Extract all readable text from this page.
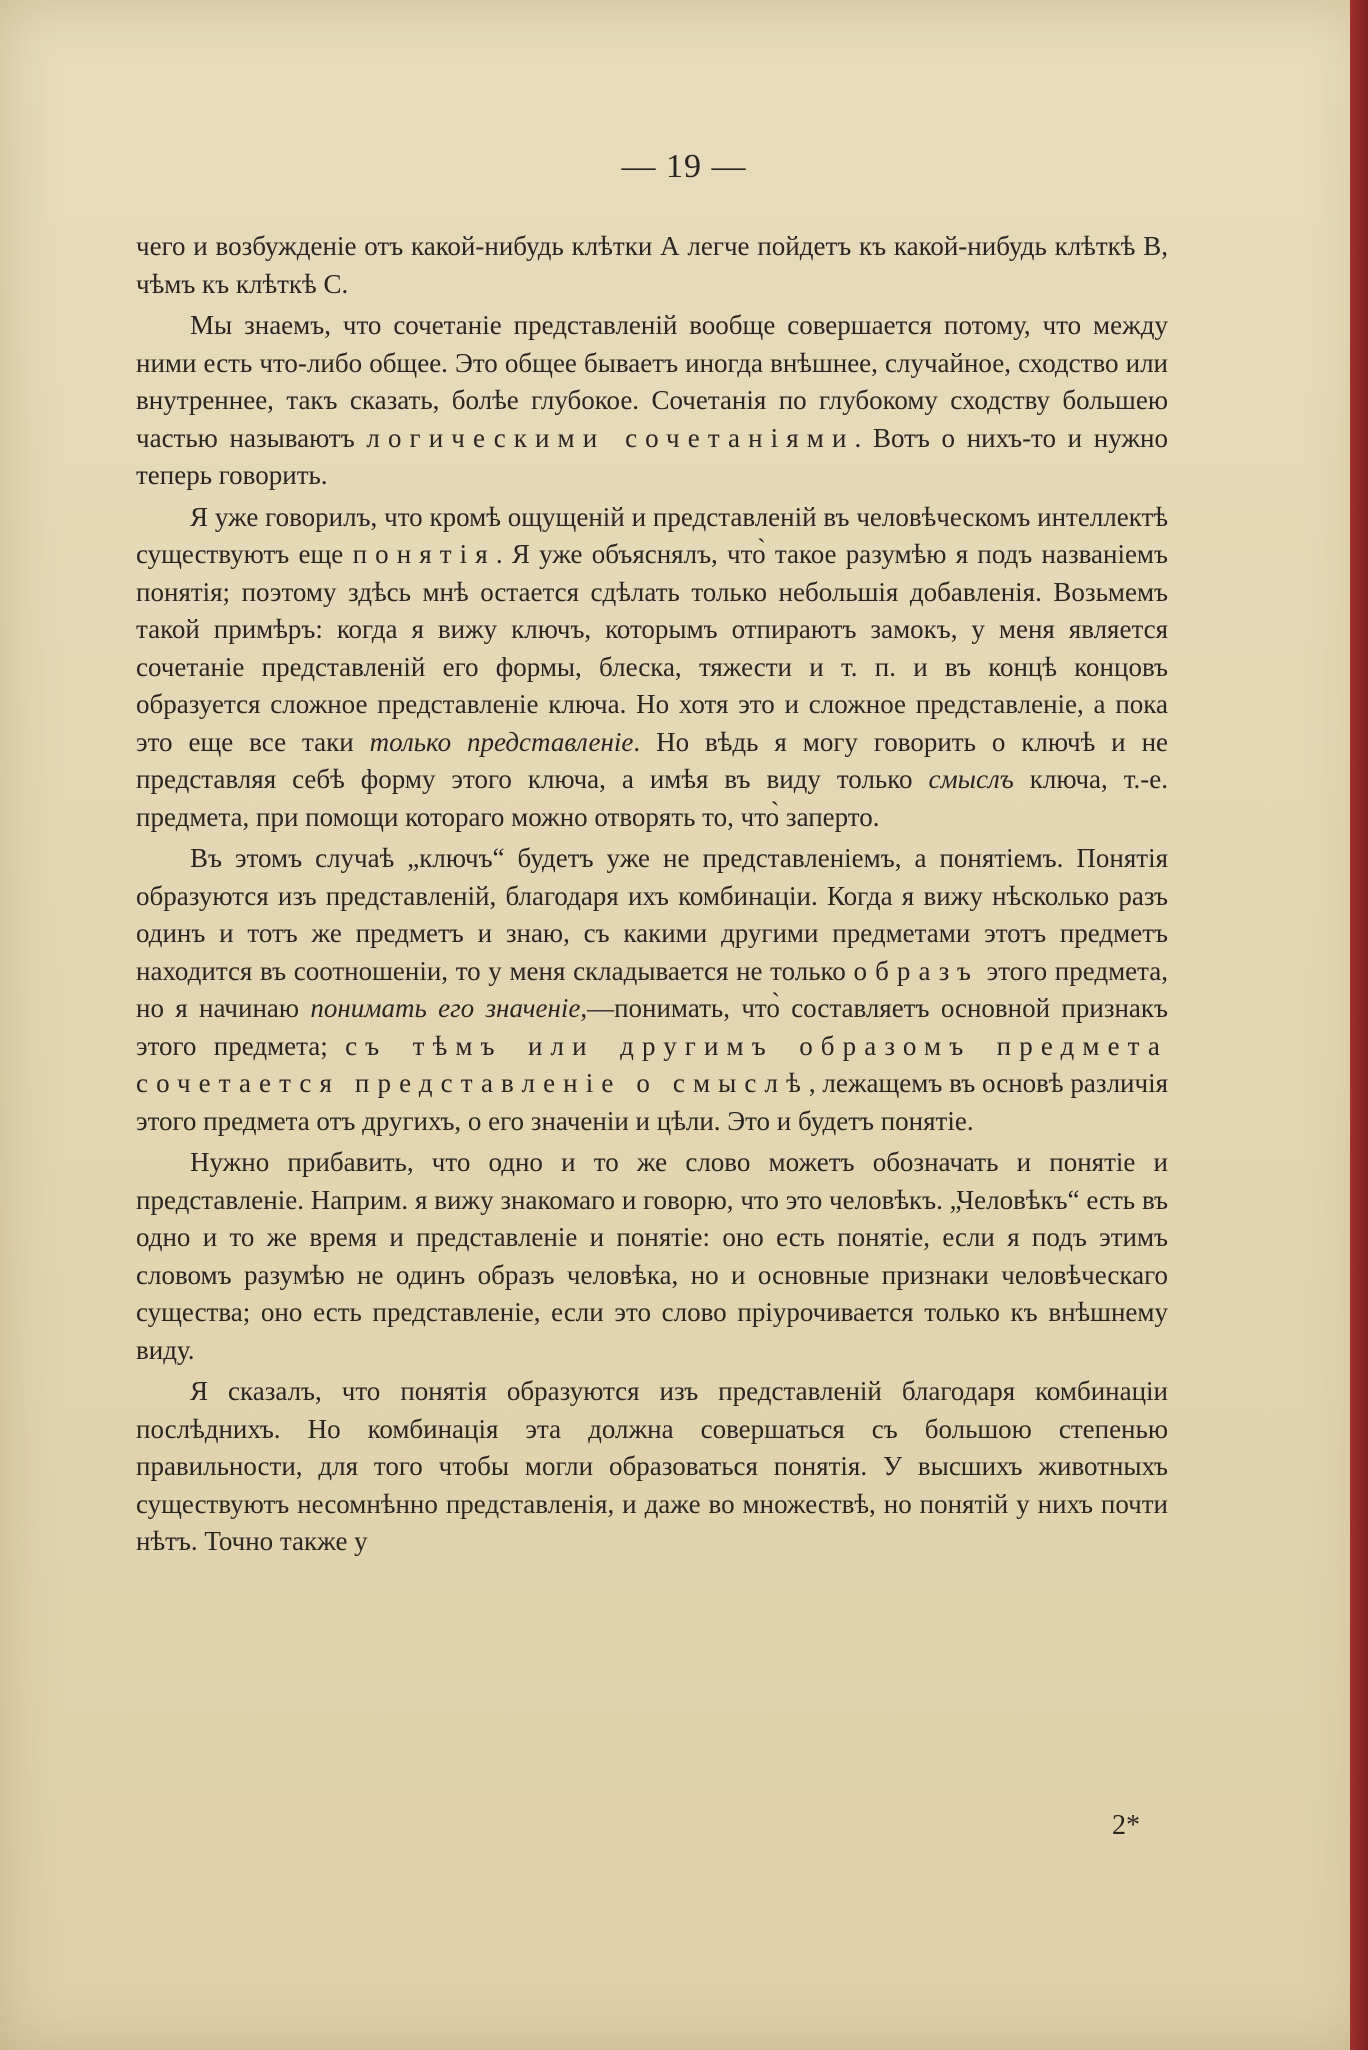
— 19 —

чего и возбужденіе отъ какой-нибудь клѣтки А легче пойдетъ къ какой-нибудь клѣткѣ В, чѣмъ къ клѣткѣ С.

Мы знаемъ, что сочетаніе представленій вообще совершается потому, что между ними есть что-либо общее. Это общее бываетъ иногда внѣшнее, случайное, сходство или внутреннее, такъ сказать, болѣе глубокое. Сочетанія по глубокому сходству большею частью называютъ логическими сочетаніями. Вотъ о нихъ-то и нужно теперь говорить.

Я уже говорилъ, что кромѣ ощущеній и представленій въ человѣческомъ интеллектѣ существуютъ еще понятія. Я уже объяснялъ, что̀ такое разумѣю я подъ названіемъ понятія; поэтому здѣсь мнѣ остается сдѣлать только небольшія добавленія. Возьмемъ такой примѣръ: когда я вижу ключъ, которымъ отпираютъ замокъ, у меня является сочетаніе представленій его формы, блеска, тяжести и т. п. и въ концѣ концовъ образуется сложное представленіе ключа. Но хотя это и сложное представленіе, а пока это еще все таки только представленіе. Но вѣдь я могу говорить о ключѣ и не представляя себѣ форму этого ключа, а имѣя въ виду только смыслъ ключа, т.-е. предмета, при помощи котораго можно отворять то, что̀ заперто.

Въ этомъ случаѣ „ключъ“ будетъ уже не представленіемъ, а понятіемъ. Понятія образуются изъ представленій, благодаря ихъ комбинаціи. Когда я вижу нѣсколько разъ одинъ и тотъ же предметъ и знаю, съ какими другими предметами этотъ предметъ находится въ соотношеніи, то у меня складывается не только образъ этого предмета, но я начинаю понимать его значеніе,—понимать, что̀ составляетъ основной признакъ этого предмета; съ тѣмъ или другимъ образомъ предмета сочетается представленіе о смыслѣ, лежащемъ въ основѣ различія этого предмета отъ другихъ, о его значеніи и цѣли. Это и будетъ понятіе.

Нужно прибавить, что одно и то же слово можетъ обозначать и понятіе и представленіе. Наприм. я вижу знакомаго и говорю, что это человѣкъ. „Человѣкъ“ есть въ одно и то же время и представленіе и понятіе: оно есть понятіе, если я подъ этимъ словомъ разумѣю не одинъ образъ человѣка, но и основные признаки человѣческаго существа; оно есть представленіе, если это слово пріурочивается только къ внѣшнему виду.

Я сказалъ, что понятія образуются изъ представленій благодаря комбинаціи послѣднихъ. Но комбинація эта должна совершаться съ большою степенью правильности, для того чтобы могли образоваться понятія. У высшихъ животныхъ существуютъ несомнѣнно представленія, и даже во множествѣ, но понятій у нихъ почти нѣтъ. Точно также у

2*
